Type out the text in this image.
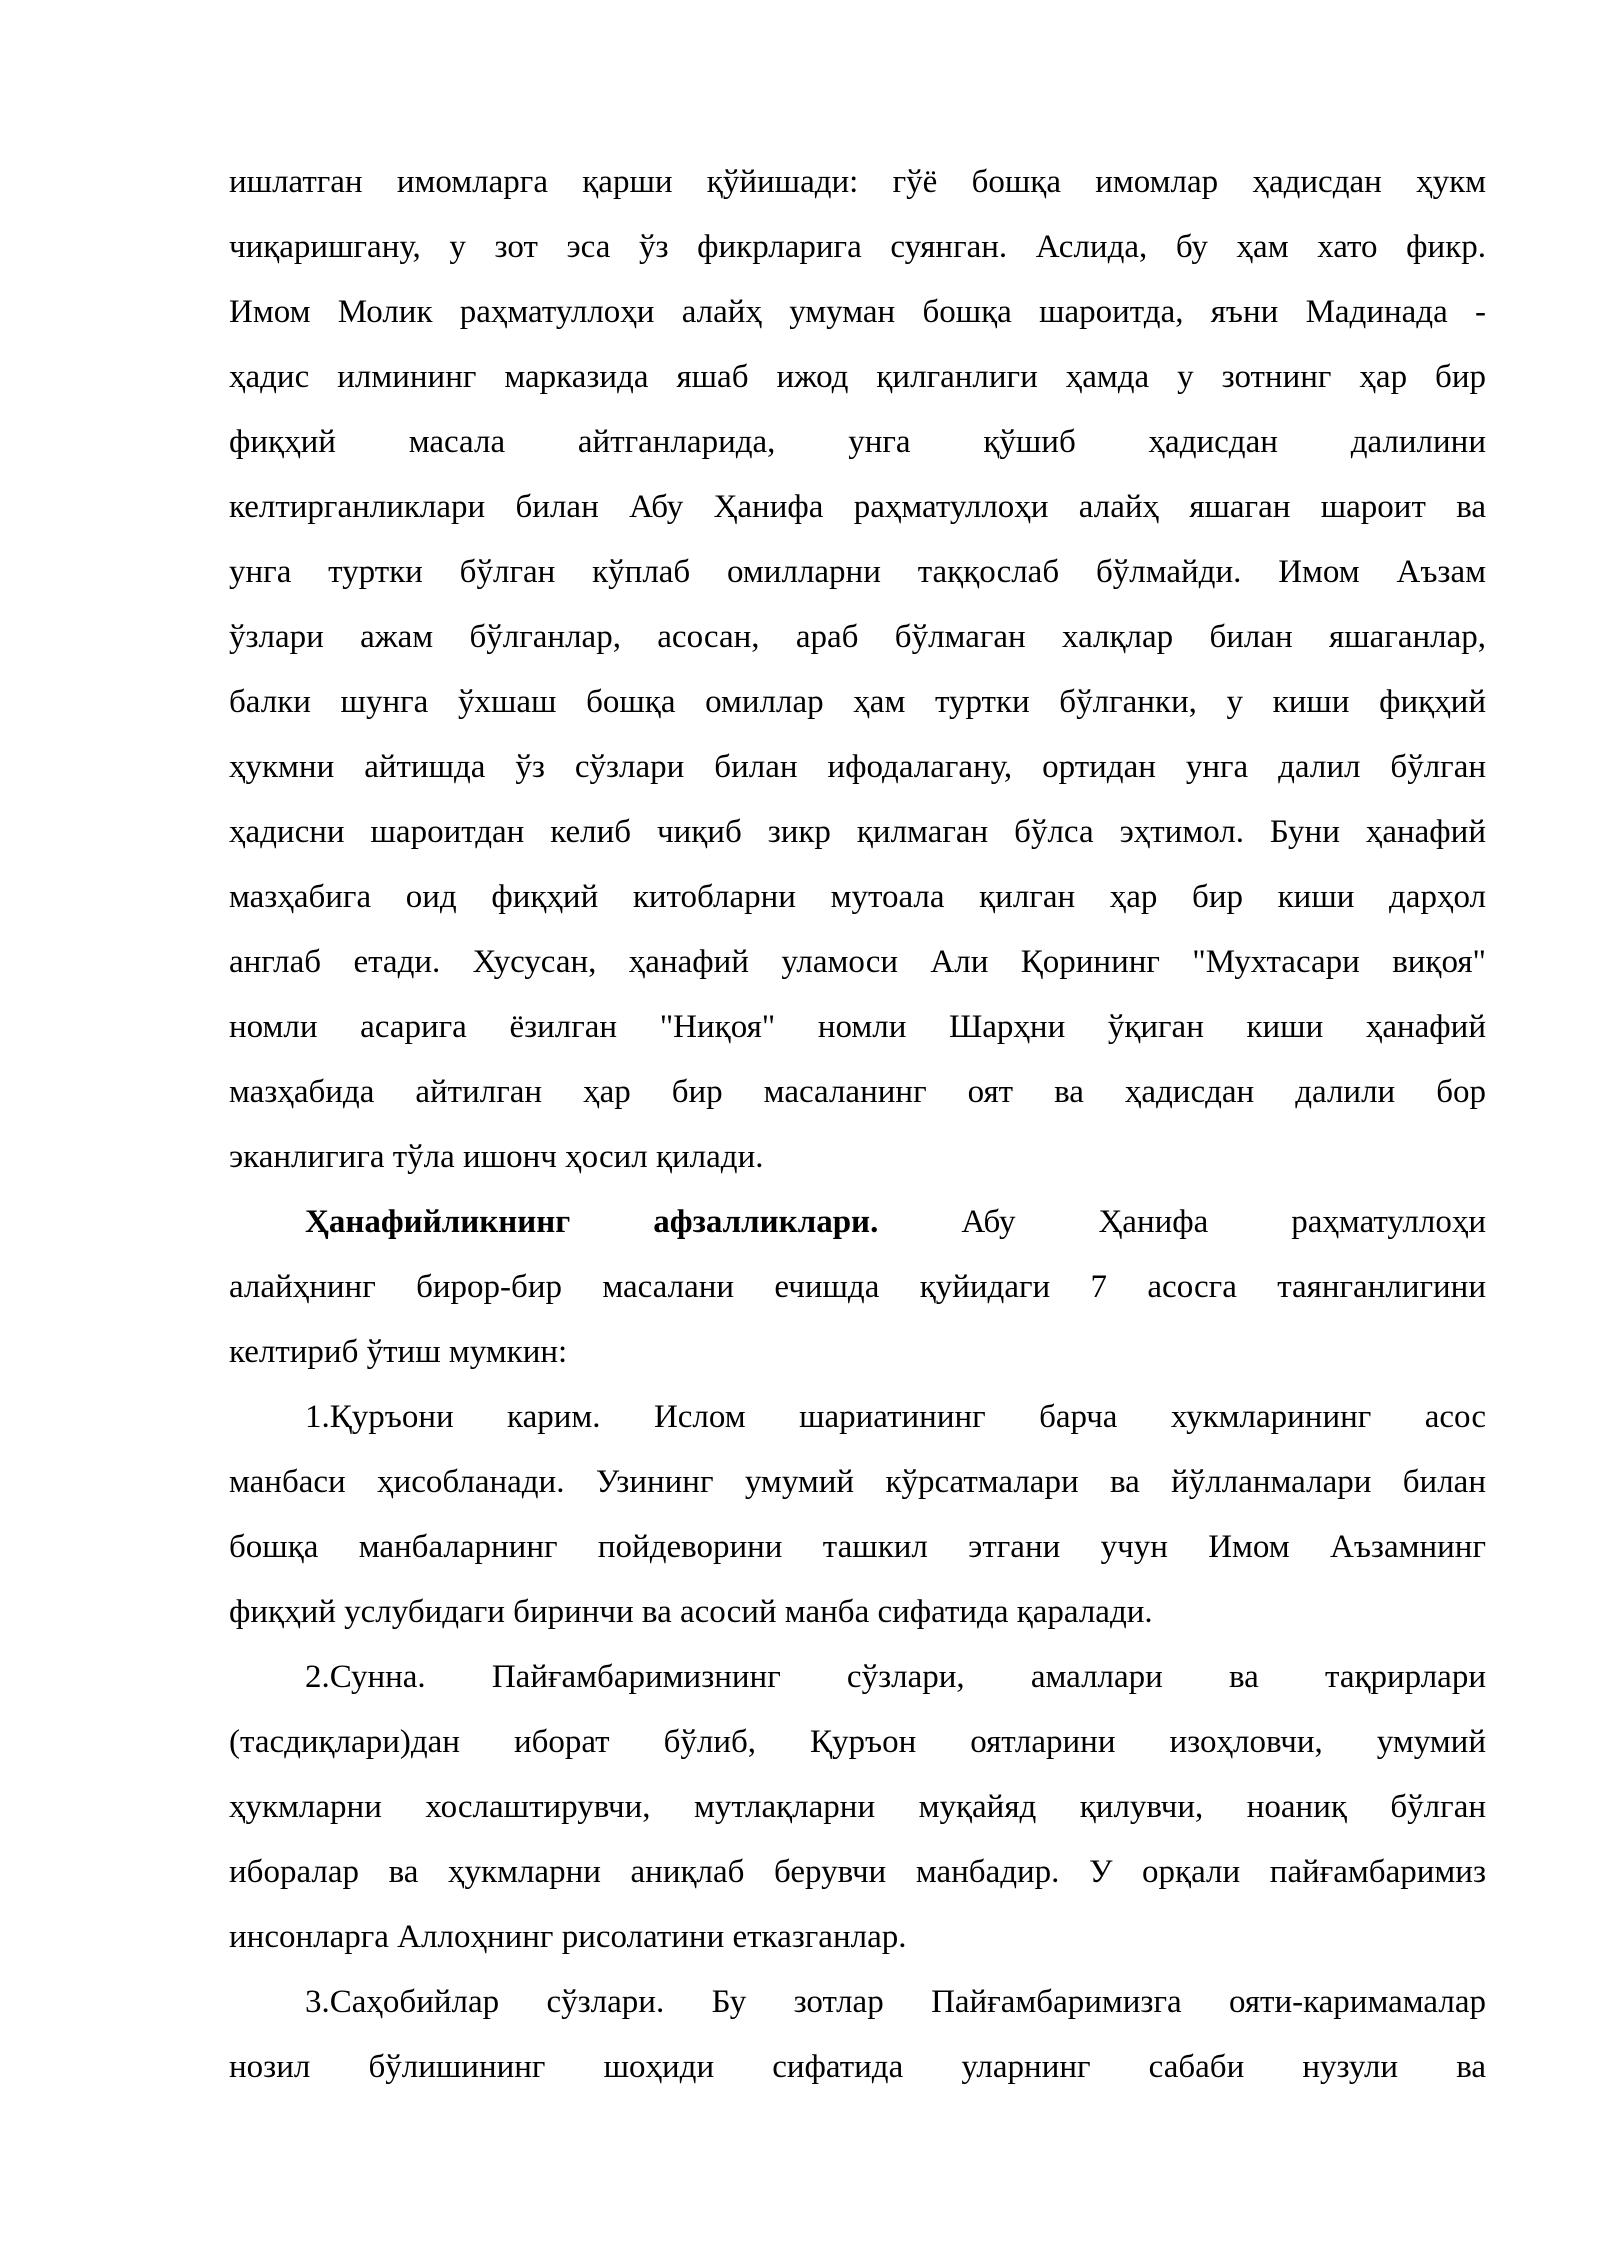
ишлатган имомларга қарши қўйишади: гўё бошқа имомлар ҳадисдан ҳукм
чиқаришгану, у зот эса ўз фикрларига суянган. Аслида, бу ҳам хато фикр.
Имом Молик раҳматуллоҳи алайҳ умуман бошқа шароитда, яъни Мадинада -
ҳадис илмининг марказида яшаб ижод қилганлиги ҳамда у зотнинг ҳар бир
фиқҳий масала айтганларида, унга қўшиб ҳадисдан далилини
келтирганликлари билан Абу Ҳанифа раҳматуллоҳи алайҳ яшаган шароит ва
унга туртки бўлган кўплаб омилларни таққослаб бўлмайди. Имом Аъзам
ўзлари ажам бўлганлар, асосан, араб бўлмаган халқлар билан яшаганлар,
балки шунга ўхшаш бошқа омиллар ҳам туртки бўлганки, у киши фиқҳий
ҳукмни айтишда ўз сўзлари билан ифодалагану, ортидан унга далил бўлган
ҳадисни шароитдан келиб чиқиб зикр қилмаган бўлса эҳтимол. Буни ҳанафий
мазҳабига оид фиқҳий китобларни мутоала қилган ҳар бир киши дарҳол
англаб етади. Хусусан, ҳанафий уламоси Али Қорининг "Мухтасари виқоя"
номли асарига ёзилган "Ниқоя" номли Шарҳни ўқиган киши ҳанафий
мазҳабида айтилган ҳар бир масаланинг оят ва ҳадисдан далили бор
эканлигига тўла ишонч ҳосил қилади.
Ҳанафийликнинг афзалликлари.	Абу Ҳанифа раҳматуллоҳи
алайҳнинг бирор-бир масалани ечишда қуйидаги 7 асосга таянганлигини
келтириб ўтиш мумкин:
1.Қуръони карим. Ислом шариатининг барча хукмларининг асос
манбаси ҳисобланади. Узининг умумий кўрсатмалари ва йўлланмалари билан
бошқа манбаларнинг пойдеворини ташкил этгани учун Имом Аъзамнинг
фиқҳий услубидаги биринчи ва асосий манба сифатида қаралади.
2.Сунна. Пайғамбаримизнинг сўзлари, амаллари ва тақрирлари
(тасдиқлари)дан иборат бўлиб, Қуръон оятларини изоҳловчи, умумий
ҳукмларни хослаштирувчи, мутлақларни муқайяд қилувчи, ноаниқ бўлган
иборалар ва ҳукмларни аниқлаб берувчи манбадир. У орқали пайғамбаримиз
инсонларга Аллоҳнинг рисолатини етказганлар.
3.Саҳобийлар сўзлари. Бу зотлар Пайғамбаримизга ояти-каримамалар
нозил бўлишининг шоҳиди сифатида уларнинг сабаби нузули ва
